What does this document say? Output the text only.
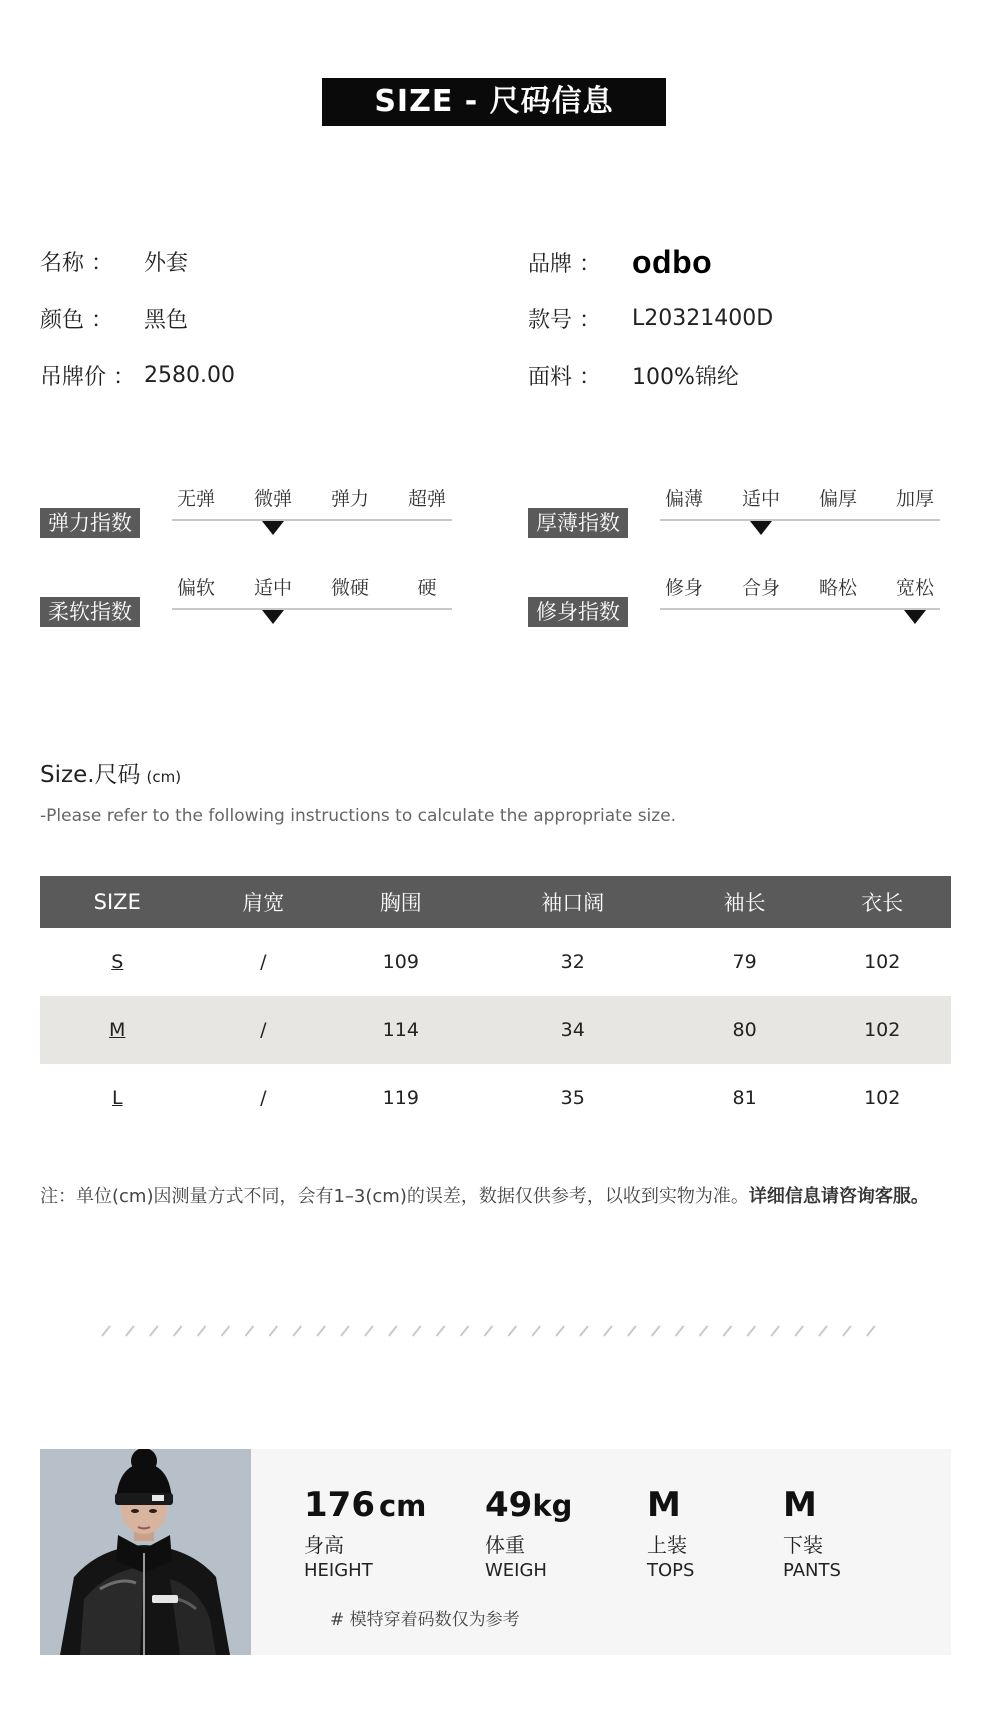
SIZE - 尺码信息
名称 ：	外套
颜色 ：	黑色
吊牌价 ： 2580.00
品牌 ： odbo
款号 ：	L20321400D
面料 ：	100%锦纶
弹力指数
无弹 微弹 弹力 超弹
厚薄指数
偏薄 适中 偏厚 加厚
柔软指数
偏软 适中 微硬	硬
修身指数
修身 合身 略松 宽松
Size.尺码 (cm)
-Please refer to the following instructions to calculate the appropriate size.
SIZE	肩宽	胸围	袖口阔	袖长	衣长
S	/	109	32	79	102
M	/	114	34	80	102
L	/	119	35	81	102
注：单位(cm)因测量方式不同，会有1–3(cm)的误差，数据仅供参考，以收到实物为准。详细信息请咨询客服。
176 cm
身高
HEIGHT
49kg
体重
WEIGH
M
上装
TOPS
M
下装
PANTS
# 模特穿着码数仅为参考
